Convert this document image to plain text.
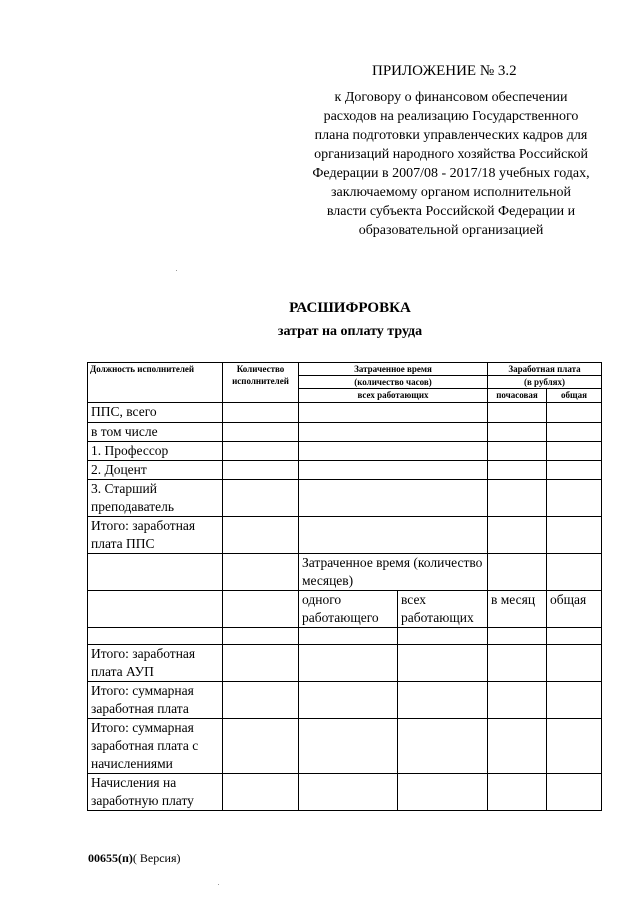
ПРИЛОЖЕНИЕ № 3.2
к Договору о финансовом обеспечении
расходов на реализацию Государственного
плана подготовки управленческих кадров для
организаций народного хозяйства Российской
Федерации в 2007/08 - 2017/18 учебных годах,
заключаемому органом исполнительной
власти субъекта Российской Федерации и
образовательной организацией
РАСШИФРОВКА
затрат на оплату труда
Должность исполнителей	Количество исполнителей	Затраченное время		Заработная плата	
		(количество часов)		(в рублях)	
		всех работающих		почасовая	общая
ППС, всего					
в том числе					
1. Профессор					
2. Доцент					
3. Старший преподаватель					
Итого: заработная плата ППС					
		Затраченное время (количество месяцев)			
		одного работающего	всех работающих	в месяц	общая

Итого: заработная плата АУП					
Итого: суммарная заработная плата					
Итого: суммарная заработная плата с начислениями					
Начисления на заработную плату					
00655(п)( Версия)
